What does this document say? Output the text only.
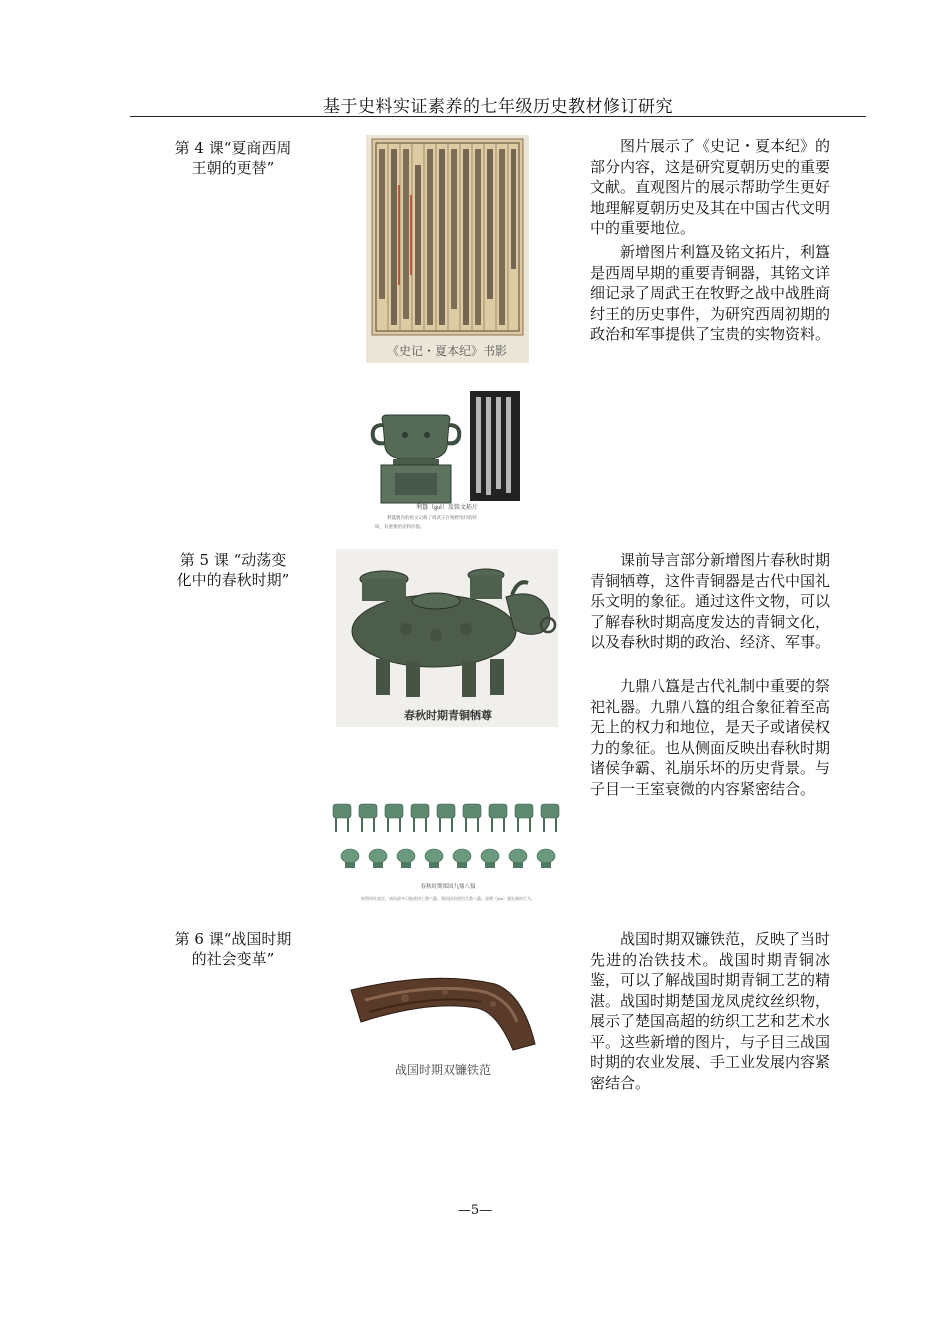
基于史料实证素养的七年级历史教材修订研究
第 4 课“夏商西周
王朝的更替”
《史记・夏本纪》书影
利簋（guǐ）及铭文拓片
利簋腹内的铭文记载了周武王在牧野伐纣的时
间，有重要的史料价值。
图片展示了《史记・夏本纪》的部分内容，这是研究夏朝历史的重要文献。直观图片的展示帮助学生更好地理解夏朝历史及其在中国古代文明中的重要地位。
新增图片利簋及铭文拓片，利簋是西周早期的重要青铜器，其铭文详细记录了周武王在牧野之战中战胜商纣王的历史事件，为研究西周初期的政治和军事提供了宝贵的实物资料。
第 5 课 “动荡变
化中的春秋时期”
春秋时期青铜牺尊
春秋时期郑国九鼎八簋
按照周礼规定，诸侯最多只能使用七鼎六簋。郑国国君使用九鼎八簋，是僭（jiàn）越礼制的行为。
课前导言部分新增图片春秋时期青铜牺尊，这件青铜器是古代中国礼乐文明的象征。通过这件文物，可以了解春秋时期高度发达的青铜文化，以及春秋时期的政治、经济、军事。
九鼎八簋是古代礼制中重要的祭祀礼器。九鼎八簋的组合象征着至高无上的权力和地位，是天子或诸侯权力的象征。也从侧面反映出春秋时期诸侯争霸、礼崩乐坏的历史背景。与子目一王室衰微的内容紧密结合。
第 6 课“战国时期
的社会变革”
战国时期双镰铁范
战国时期双镰铁范，反映了当时先进的冶铁技术。战国时期青铜冰鉴，可以了解战国时期青铜工艺的精湛。战国时期楚国龙凤虎纹丝织物，展示了楚国高超的纺织工艺和艺术水平。这些新增的图片，与子目三战国时期的农业发展、手工业发展内容紧密结合。
—5—
